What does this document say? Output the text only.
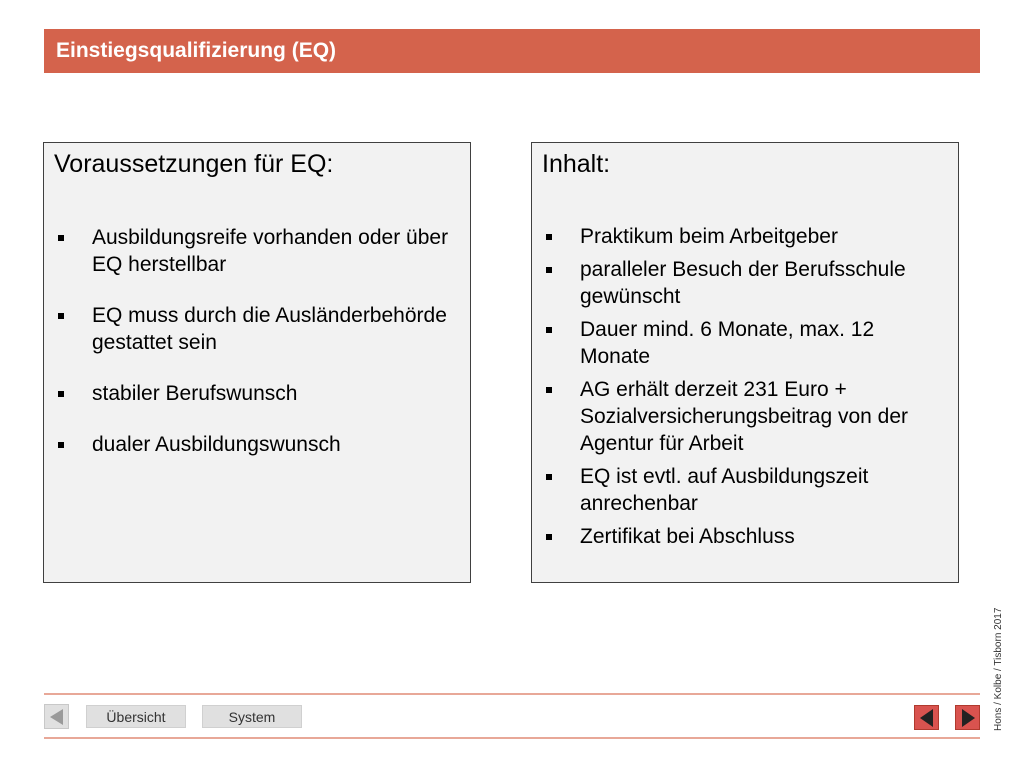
Einstiegsqualifizierung (EQ)
Voraussetzungen für EQ:
Ausbildungsreife vorhanden oder über EQ herstellbar
EQ muss durch die Ausländerbehörde gestattet sein
stabiler Berufswunsch
dualer Ausbildungswunsch
Inhalt:
Praktikum beim Arbeitgeber
paralleler Besuch der Berufsschule gewünscht
Dauer mind. 6 Monate, max. 12 Monate
AG erhält derzeit 231 Euro + Sozialversicherungsbeitrag von der Agentur für Arbeit
EQ ist evtl. auf Ausbildungszeit anrechenbar
Zertifikat bei Abschluss
Übersicht	System	Hons / Kolbe / Tisborn 2017
